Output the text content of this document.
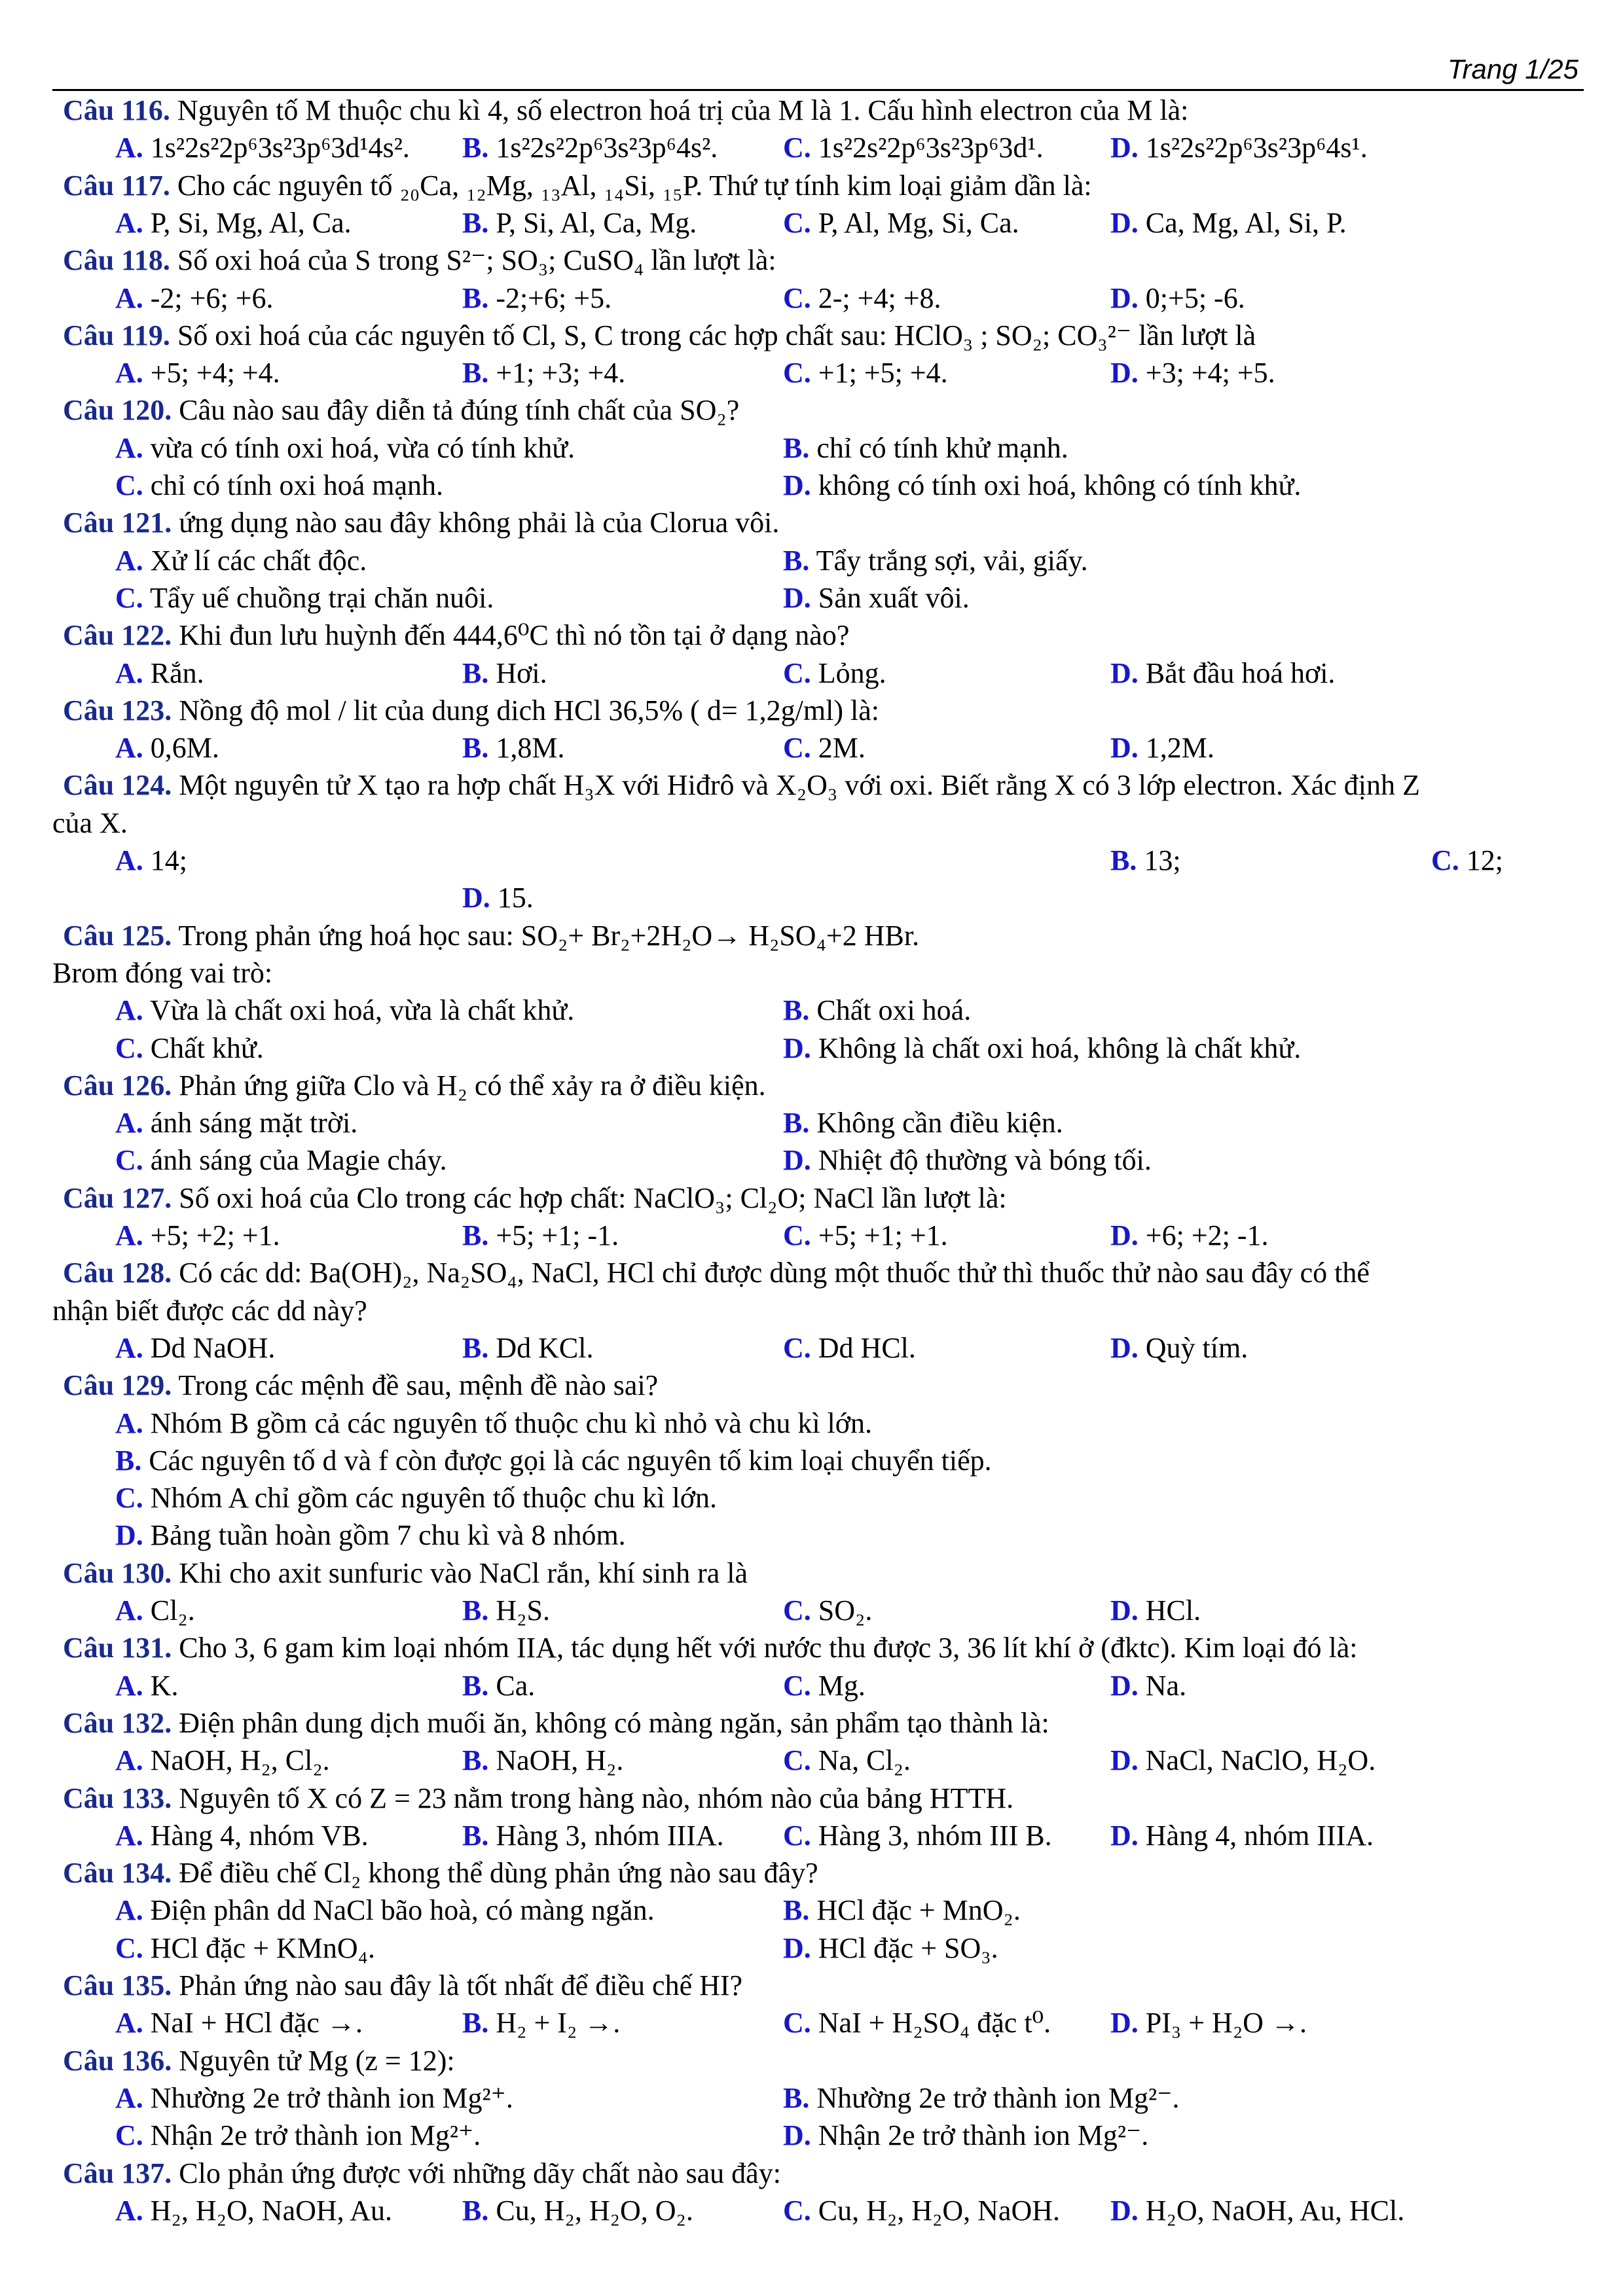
Trang 1/25
Câu 116. Nguyên tố M thuộc chu kì 4, số electron hoá trị của M là 1. Cấu hình electron của M là:
A. 1s²2s²2p⁶3s²3p⁶3d¹4s². B. 1s²2s²2p⁶3s²3p⁶4s². C. 1s²2s²2p⁶3s²3p⁶3d¹. D. 1s²2s²2p⁶3s²3p⁶4s¹.
Câu 117. Cho các nguyên tố ₂₀Ca, ₁₂Mg, ₁₃Al, ₁₄Si, ₁₅P. Thứ tự tính kim loại giảm dần là:
A. P, Si, Mg, Al, Ca.	B. P, Si, Al, Ca, Mg.	C. P, Al, Mg, Si, Ca.	D. Ca, Mg, Al, Si, P.
Câu 118. Số oxi hoá của S trong S²⁻; SO₃; CuSO₄ lần lượt là:
A. -2; +6; +6.	B. -2;+6; +5.	C. 2-; +4; +8.	D. 0;+5; -6.
Câu 119. Số oxi hoá của các nguyên tố Cl, S, C trong các hợp chất sau: HClO₃ ; SO₂; CO₃²⁻ lần lượt là
A. +5; +4; +4.	B. +1; +3; +4.	C. +1; +5; +4.	D. +3; +4; +5.
Câu 120. Câu nào sau đây diễn tả đúng tính chất của SO₂?
A. vừa có tính oxi hoá, vừa có tính khử.	B. chỉ có tính khử mạnh.
C. chỉ có tính oxi hoá mạnh.	D. không có tính oxi hoá, không có tính khử.
Câu 121. ứng dụng nào sau đây không phải là của Clorua vôi.
A. Xử lí các chất độc.	B. Tẩy trắng sợi, vải, giấy.
C. Tẩy uế chuồng trại chăn nuôi.	D. Sản xuất vôi.
Câu 122. Khi đun lưu huỳnh đến 444,6⁰C thì nó tồn tại ở dạng nào?
A. Rắn.	B. Hơi.	C. Lỏng.	D. Bắt đầu hoá hơi.
Câu 123. Nồng độ mol / lit của dung dich HCl 36,5% ( d= 1,2g/ml) là:
A. 0,6M.	B. 1,8M.	C. 2M.	D. 1,2M.
Câu 124. Một nguyên tử X tạo ra hợp chất H₃X với Hiđrô và X₂O₃ với oxi. Biết rằng X có 3 lớp electron. Xác định Z
của X.
A. 14;	B. 13;	C. 12;
D. 15.
Câu 125. Trong phản ứng hoá học sau: SO₂+ Br₂+2H₂O→ H₂SO₄+2 HBr.
Brom đóng vai trò:
A. Vừa là chất oxi hoá, vừa là chất khử.	B. Chất oxi hoá.
C. Chất khử.	D. Không là chất oxi hoá, không là chất khử.
Câu 126. Phản ứng giữa Clo và H₂ có thể xảy ra ở điều kiện.
A. ánh sáng mặt trời.	B. Không cần điều kiện.
C. ánh sáng của Magie cháy.	D. Nhiệt độ thường và bóng tối.
Câu 127. Số oxi hoá của Clo trong các hợp chất: NaClO₃; Cl₂O; NaCl lần lượt là:
A. +5; +2; +1.	B. +5; +1; -1.	C. +5; +1; +1.	D. +6; +2; -1.
Câu 128. Có các dd: Ba(OH)₂, Na₂SO₄, NaCl, HCl chỉ được dùng một thuốc thử thì thuốc thử nào sau đây có thể
nhận biết được các dd này?
A. Dd NaOH.	B. Dd KCl.	C. Dd HCl.	D. Quỳ tím.
Câu 129. Trong các mệnh đề sau, mệnh đề nào sai?
A. Nhóm B gồm cả các nguyên tố thuộc chu kì nhỏ và chu kì lớn.
B. Các nguyên tố d và f còn được gọi là các nguyên tố kim loại chuyển tiếp.
C. Nhóm A chỉ gồm các nguyên tố thuộc chu kì lớn.
D. Bảng tuần hoàn gồm 7 chu kì và 8 nhóm.
Câu 130. Khi cho axit sunfuric vào NaCl rắn, khí sinh ra là
A. Cl₂.	B. H₂S.	C. SO₂.	D. HCl.
Câu 131. Cho 3, 6 gam kim loại nhóm IIA, tác dụng hết với nước thu được 3, 36 lít khí ở (đktc). Kim loại đó là:
A. K.	B. Ca.	C. Mg.	D. Na.
Câu 132. Điện phân dung dịch muối ăn, không có màng ngăn, sản phẩm tạo thành là:
A. NaOH, H₂, Cl₂.	B. NaOH, H₂.	C. Na, Cl₂.	D. NaCl, NaClO, H₂O.
Câu 133. Nguyên tố X có Z = 23 nằm trong hàng nào, nhóm nào của bảng HTTH.
A. Hàng 4, nhóm VB.	B. Hàng 3, nhóm IIIA. C. Hàng 3, nhóm III B. D. Hàng 4, nhóm IIIA.
Câu 134. Để điều chế Cl₂ khong thể dùng phản ứng nào sau đây?
A. Điện phân dd NaCl bão hoà, có màng ngăn.	B. HCl đặc + MnO₂.
C. HCl đặc + KMnO₄.	D. HCl đặc + SO₃.
Câu 135. Phản ứng nào sau đây là tốt nhất để điều chế HI?
A. NaI + HCl đặc →.	B. H₂ + I₂ →.	C. NaI + H₂SO₄ đặc t⁰. D. PI₃ + H₂O →.
Câu 136. Nguyên tử Mg (z = 12):
A. Nhường 2e trở thành ion Mg²⁺.	B. Nhường 2e trở thành ion Mg²⁻.
C. Nhận 2e trở thành ion Mg²⁺.	D. Nhận 2e trở thành ion Mg²⁻.
Câu 137. Clo phản ứng được với những dãy chất nào sau đây:
A. H₂, H₂O, NaOH, Au. B. Cu, H₂, H₂O, O₂.	C. Cu, H₂, H₂O, NaOH. D. H₂O, NaOH, Au, HCl.
